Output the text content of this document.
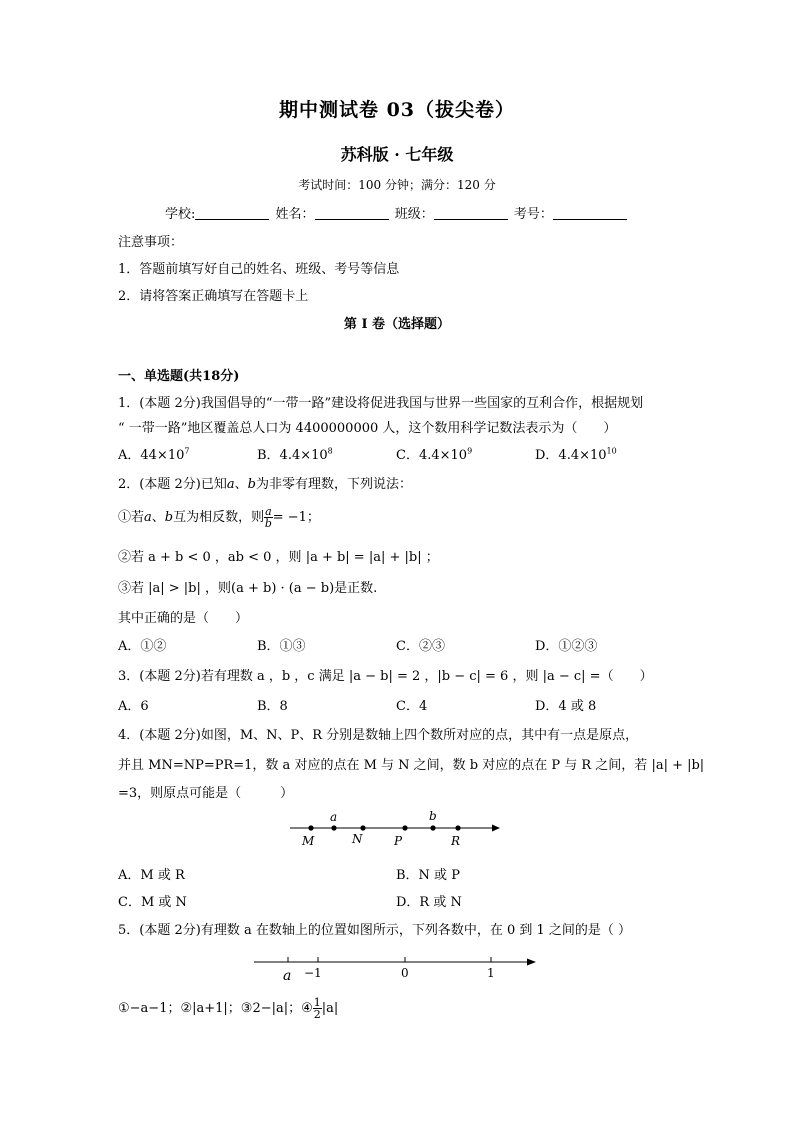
期中测试卷 03（拔尖卷）
苏科版 · 七年级
考试时间：100 分钟；满分：120 分
学校:	姓名：	班级：	考号：
注意事项：
1．答题前填写好自己的姓名、班级、考号等信息
2．请将答案正确填写在答题卡上
第 I 卷（选择题）
一、单选题(共18分)
1．(本题 2分)我国倡导的“一带一路”建设将促进我国与世界一些国家的互利合作，根据规划
“ 一带一路”地区覆盖总人口为 4400000000 人，这个数用科学记数法表示为（　　）
A．$44\times 10^7$	B．$4.4\times 10^8$	C．$4.4\times 10^9$	D．$4.4\times 10^{10}$
2．(本题 2分)已知a、b为非零有理数，下列说法：
①若a、b互为相反数，则 $\frac{a}{b} = -1$；
②若 a + b < 0 ，ab < 0 ，则 |a + b| = |a| + |b| ；
③若 |a| > |b| ，则(a + b) · (a − b)是正数.
其中正确的是（　　）
A．①②	B．①③	C．②③	D．①②③
3．(本题 2分)若有理数 a ，b ，c 满足 |a − b| = 2 ，|b − c| = 6 ，则 |a − c| =（　　）
A．6	B．8	C．4	D．4 或 8
4．(本题 2分)如图，M、N、P、R 分别是数轴上四个数所对应的点，其中有一点是原点，
并且 MN=NP=PR=1，数 a 对应的点在 M 与 N 之间，数 b 对应的点在 P 与 R 之间，若 |a| + |b|
=3，则原点可能是（　　　）
M
a
N	P
b
R
A．M 或 R	B．N 或 P
C．M 或 N	D．R 或 N
5．(本题 2分)有理数 a 在数轴上的位置如图所示，下列各数中，在 0 到 1 之间的是（ ）
a −1	0	1
①−a−1；②|a+1|；③2−|a|；④ $\frac{1}{2} |a|$
